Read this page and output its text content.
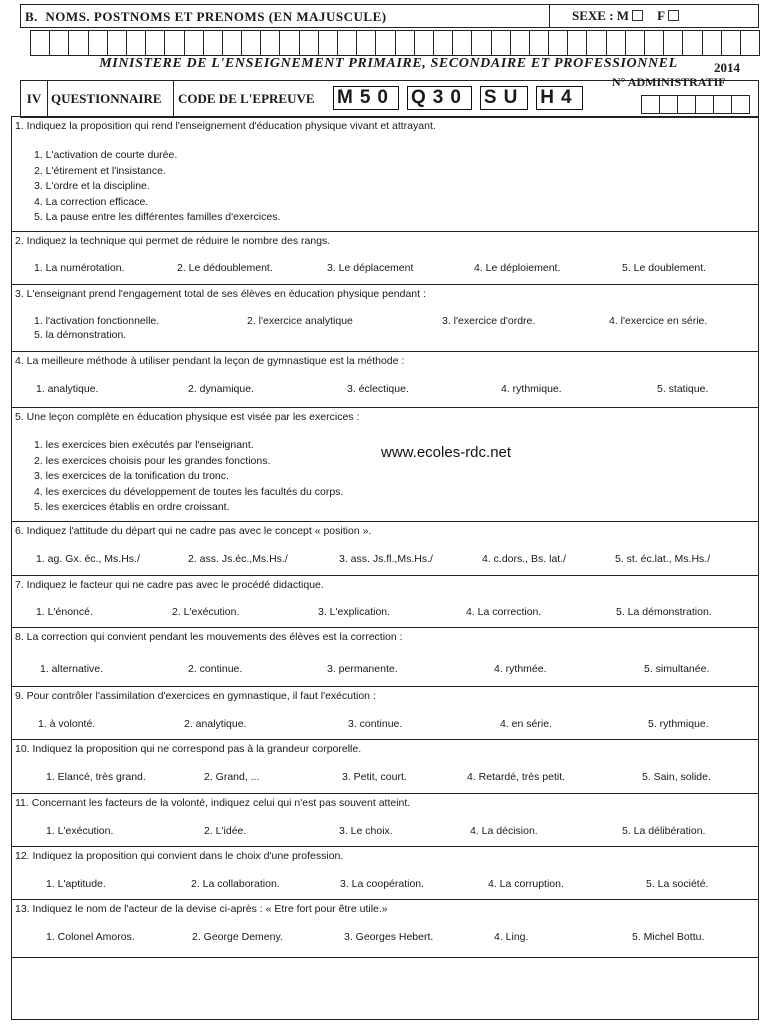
B. NOMS. POSTNOMS ET PRENOMS (EN MAJUSCULE)	SEXE : M F
MINISTERE DE L'ENSEIGNEMENT PRIMAIRE, SECONDAIRE ET PROFESSIONNEL	2014
IV QUESTIONNAIRE	CODE DE L'EPREUVE M50 Q30 SU H4
N° ADMINISTRATIF
1. Indiquez la proposition qui rend l'enseignement d'éducation physique vivant et attrayant.
1. L'activation de courte durée.
2. L'étirement et l'insistance.
3. L'ordre et la discipline.
4. La correction efficace.
5. La pause entre les différentes familles d'exercices.
2. Indiquez la technique qui permet de réduire le nombre des rangs.
1. La numérotation.	2. Le dédoublement.	3. Le déplacement	4. Le déploiement.	5. Le doublement.
3. L'enseignant prend l'engagement total de ses élèves en éducation physique pendant :
1. l'activation fonctionnelle.	2. l'exercice analytique	3. l'exercice d'ordre.	4. l'exercice en série.
5. la démonstration.
4. La meilleure méthode à utiliser pendant la leçon de gymnastique est la méthode :
1. analytique.	2. dynamique.	3. éclectique.	4. rythmique.	5. statique.
5. Une leçon complète en éducation physique est visée par les exercices :
1. les exercices bien exécutés par l'enseignant.
2. les exercices choisis pour les grandes fonctions.
3. les exercices de la tonification du tronc.
4. les exercices du développement de toutes les facultés du corps.
5. les exercices établis en ordre croissant.
6. Indiquez l'attitude du départ qui ne cadre pas avec le concept « position ».
1. ag. Gx. éc., Ms.Hs./	2. ass. Js.éc.,Ms.Hs./	3. ass. Js.fl.,Ms.Hs./	4. c.dors., Bs. lat./	5. st. éc.lat., Ms.Hs./
7. Indiquez le facteur qui ne cadre pas avec le procédé didactique.
1. L'énoncé.	2. L'exécution.	3. L'explication.	4. La correction.	5. La démonstration.
8. La correction qui convient pendant les mouvements des élèves est la correction :
1. alternative.	2. continue.	3. permanente.	4. rythmée.	5. simultanée.
9. Pour contrôler l'assimilation d'exercices en gymnastique, il faut l'exécution :
1. à volonté.	2. analytique.	3. continue.	4. en série.	5. rythmique.
10. Indiquez la proposition qui ne correspond pas à la grandeur corporelle.
1. Elancé, très grand.	2. Grand, ...	3. Petit, court.	4. Retardé, très petit.	5. Sain, solide.
11. Concernant les facteurs de la volonté, indiquez celui qui n'est pas souvent atteint.
1. L'exécution.	2. L'idée.	3. Le choix.	4. La décision.	5. La délibération.
12. Indiquez la proposition qui convient dans le choix d'une profession.
1. L'aptitude.	2. La collaboration.	3. La coopération.	4. La corruption.	5. La société.
13. Indiquez le nom de l'acteur de la devise ci-après : « Etre fort pour être utile.»
1. Colonel Amoros.	2. George Demeny.	3. Georges Hebert.	4. Ling.	5. Michel Bottu.
www.ecoles-rdc.net
